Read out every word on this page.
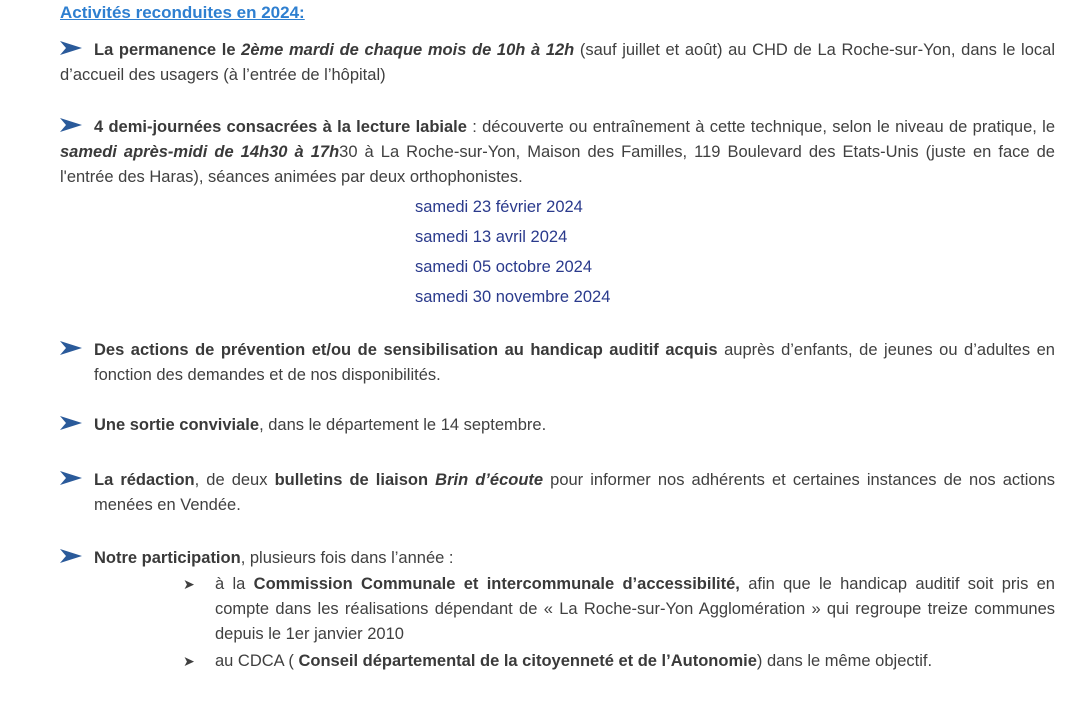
Activités reconduites en 2024:
La permanence le 2ème mardi de chaque mois de 10h à 12h (sauf juillet et août) au CHD de La Roche-sur-Yon, dans le local d’accueil des usagers (à l’entrée de l’hôpital)
4 demi-journées consacrées à la lecture labiale : découverte ou entraînement à cette technique, selon le niveau de pratique, le samedi après-midi de 14h30 à 17h30 à La Roche-sur-Yon, Maison des Familles, 119 Boulevard des Etats-Unis (juste en face de l'entrée des Haras), séances animées par deux orthophonistes.
samedi 23 février 2024
samedi 13 avril 2024
samedi 05 octobre 2024
samedi 30 novembre 2024
Des actions de prévention et/ou de sensibilisation au handicap auditif acquis auprès d’enfants, de jeunes ou d’adultes en fonction des demandes et de nos disponibilités.
Une sortie conviviale, dans le département le 14 septembre.
La rédaction, de deux bulletins de liaison Brin d’écoute pour informer nos adhérents et certaines instances de nos actions menées en Vendée.
Notre participation, plusieurs fois dans l’année :
➤ à la Commission Communale et intercommunale d’accessibilité, afin que le handicap auditif soit pris en compte dans les réalisations dépendant de « La Roche-sur-Yon Agglomération » qui regroupe treize communes depuis le 1er janvier 2010
➤ au CDCA ( Conseil départemental de la citoyenneté et de l’Autonomie) dans le même objectif.
